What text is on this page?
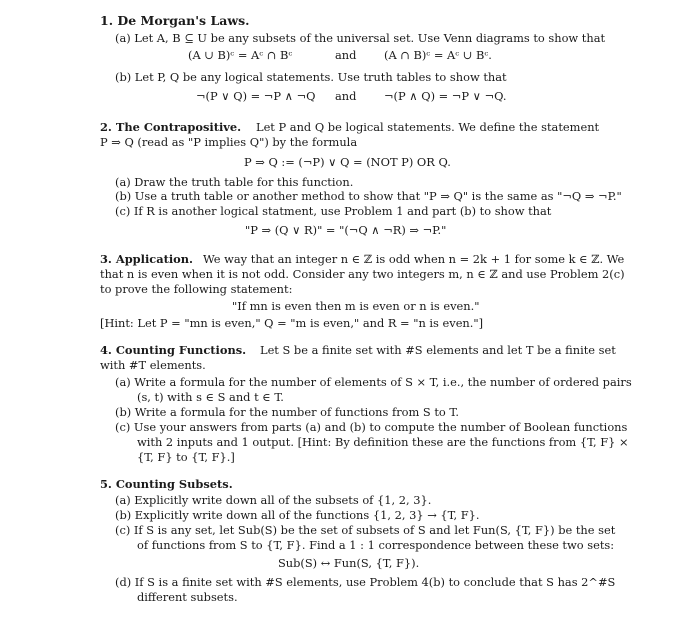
1. De Morgan's Laws.
(a) Let A, B ⊆ U be any subsets of the universal set. Use Venn diagrams to show that
(A ∪ B)ᶜ = Aᶜ ∩ Bᶜ	and (A ∩ B)ᶜ = Aᶜ ∪ Bᶜ.
(b) Let P, Q be any logical statements. Use truth tables to show that
¬(P ∨ Q) = ¬P ∧ ¬Q and ¬(P ∧ Q) = ¬P ∨ ¬Q.
2. The Contrapositive. Let P and Q be logical statements. We define the statement
P ⇒ Q (read as "P implies Q") by the formula
P ⇒ Q := (¬P) ∨ Q = (NOT P) OR Q.
(a) Draw the truth table for this function.
(b) Use a truth table or another method to show that "P ⇒ Q" is the same as "¬Q ⇒ ¬P."
(c) If R is another logical statment, use Problem 1 and part (b) to show that
"P ⇒ (Q ∨ R)" = "(¬Q ∧ ¬R) ⇒ ¬P."
3. Application. We way that an integer n ∈ ℤ is odd when n = 2k + 1 for some k ∈ ℤ. We
that n is even when it is not odd. Consider any two integers m, n ∈ ℤ and use Problem 2(c)
to prove the following statement:
"If mn is even then m is even or n is even."
[Hint: Let P = "mn is even," Q = "m is even," and R = "n is even."]
4. Counting Functions. Let S be a finite set with #S elements and let T be a finite set
with #T elements.
(a) Write a formula for the number of elements of S × T, i.e., the number of ordered pairs
(s, t) with s ∈ S and t ∈ T.
(b) Write a formula for the number of functions from S to T.
(c) Use your answers from parts (a) and (b) to compute the number of Boolean functions
with 2 inputs and 1 output. [Hint: By definition these are the functions from {T, F} ×
{T, F} to {T, F}.]
5. Counting Subsets.
(a) Explicitly write down all of the subsets of {1, 2, 3}.
(b) Explicitly write down all of the functions {1, 2, 3} → {T, F}.
(c) If S is any set, let Sub(S) be the set of subsets of S and let Fun(S, {T, F}) be the set
of functions from S to {T, F}. Find a 1 : 1 correspondence between these two sets:
Sub(S) ↔ Fun(S, {T, F}).
(d) If S is a finite set with #S elements, use Problem 4(b) to conclude that S has 2^#S
different subsets.
